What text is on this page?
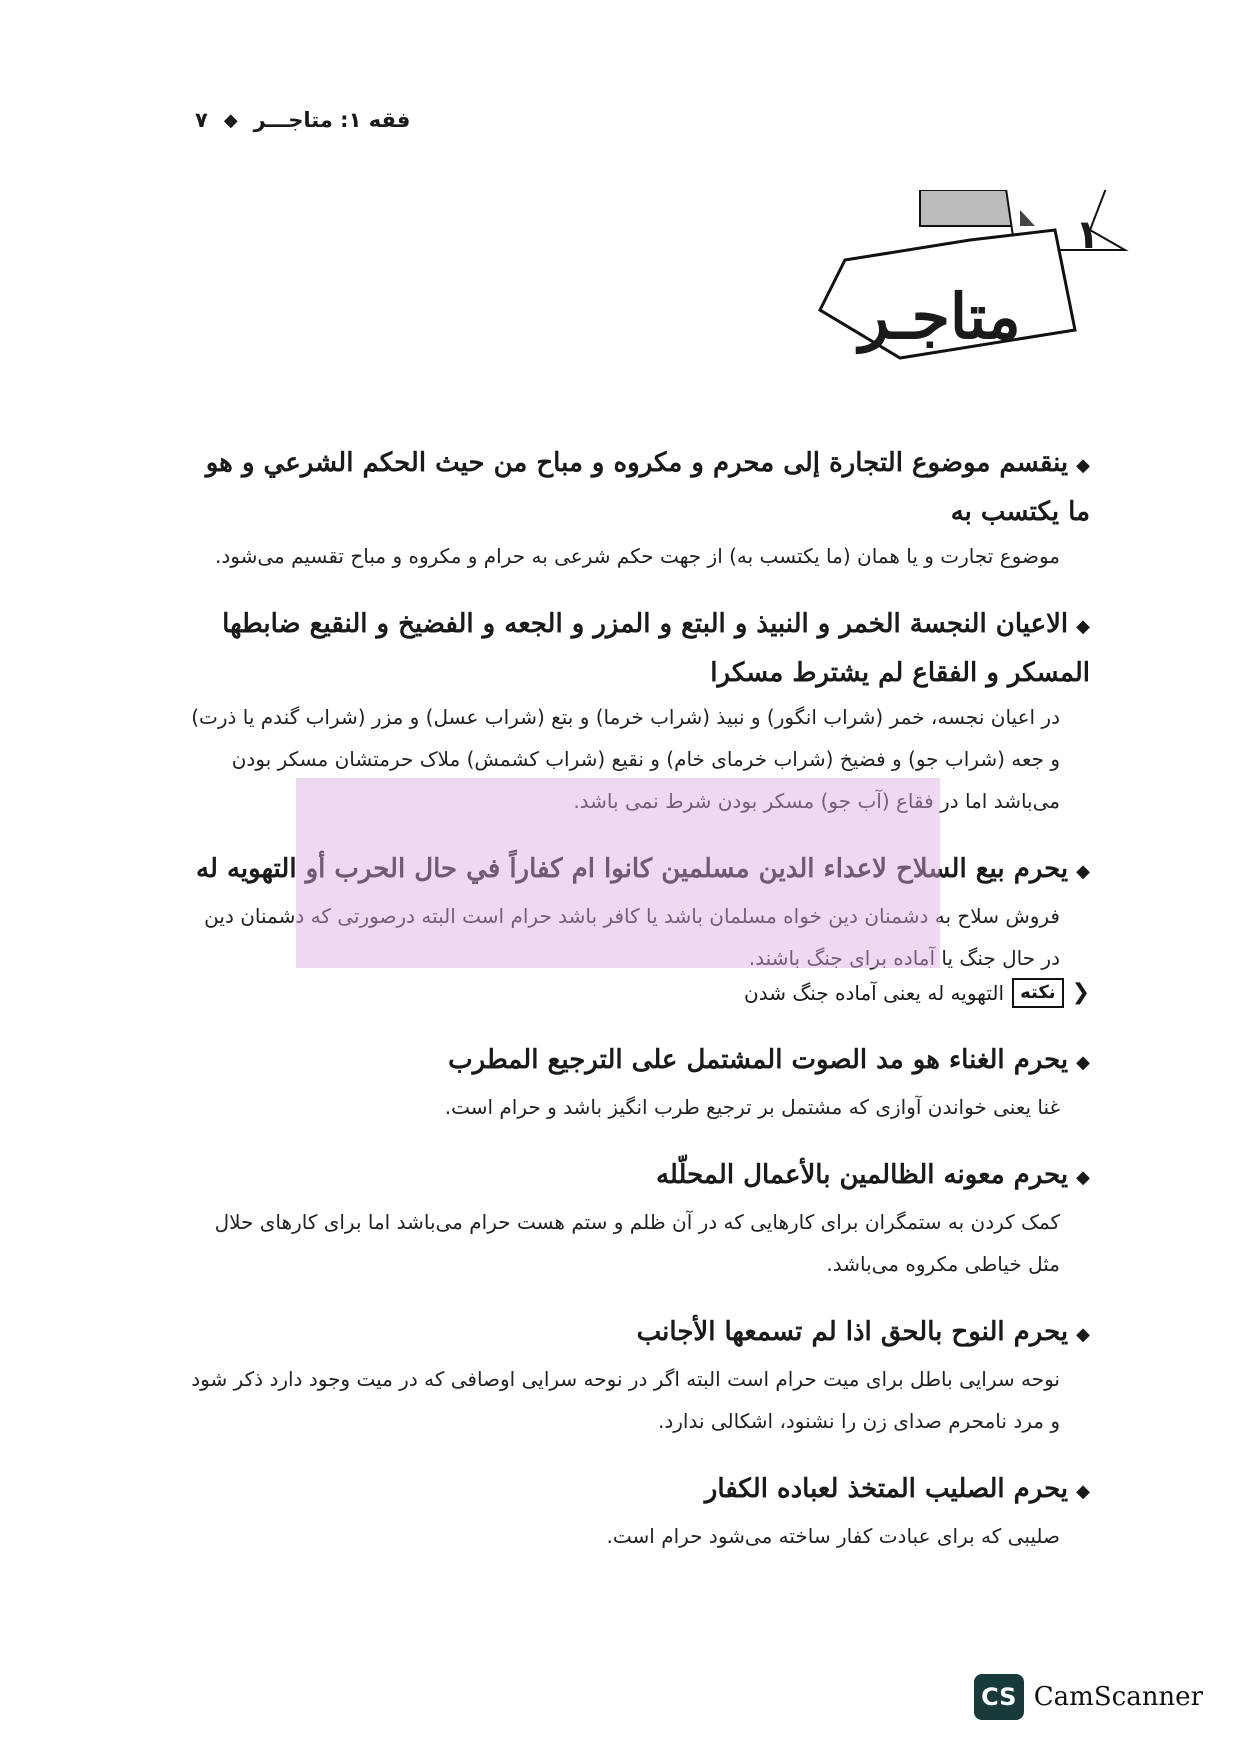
فقه ۱: متاجـــر
◆
۷
۱
متاجـر

◆ينقسم موضوع التجارة إلى محرم و مكروه و مباح من حيث الحكم الشرعي و هو ما يكتسب به

موضوع تجارت و یا همان (ما یکتسب به) از جهت حکم شرعی به حرام و مکروه و مباح تقسیم می‌شود.

◆الاعيان النجسة الخمر و النبيذ و البتع و المزر و الجعه و الفضيخ و النقيع ضابطها المسكر و الفقاع لم يشترط مسكرا

در اعیان نجسه، خمر (شراب انگور) و نبیذ (شراب خرما) و بتع (شراب عسل) و مزر (شراب گندم یا ذرت) و جعه (شراب جو) و فضیخ (شراب خرمای خام) و نقیع (شراب کشمش) ملاک حرمتشان مسکر بودن می‌باشد اما در فقاع (آب جو) مسکر بودن شرط نمی باشد.

◆يحرم بيع السلاح لاعداء الدين مسلمين كانوا ام كفاراً في حال الحرب أو التهويه له

فروش سلاح به دشمنان دین خواه مسلمان باشد یا کافر باشد حرام است البته درصورتی که دشمنان دین در حال جنگ یا آماده برای جنگ باشند.

❮
نکته
التهویه له یعنی آماده جنگ شدن

◆يحرم الغناء هو مد الصوت المشتمل على الترجيع المطرب

غنا یعنی خواندن آوازی که مشتمل بر ترجیع طرب انگیز باشد و حرام است.

◆يحرم معونه الظالمين بالأعمال المحلّله

کمک کردن به ستمگران برای کارهایی که در آن ظلم و ستم هست حرام می‌باشد اما برای کارهای حلال مثل خیاطی مکروه می‌باشد.

◆يحرم النوح بالحق اذا لم تسمعها الأجانب

نوحه سرایی باطل برای میت حرام است البته اگر در نوحه سرایی اوصافی که در میت وجود دارد ذکر شود و مرد نامحرم صدای زن را نشنود، اشکالی ندارد.

◆يحرم الصليب المتخذ لعباده الكفار

صلیبی که برای عبادت کفار ساخته می‌شود حرام است.

CS CamScanner
